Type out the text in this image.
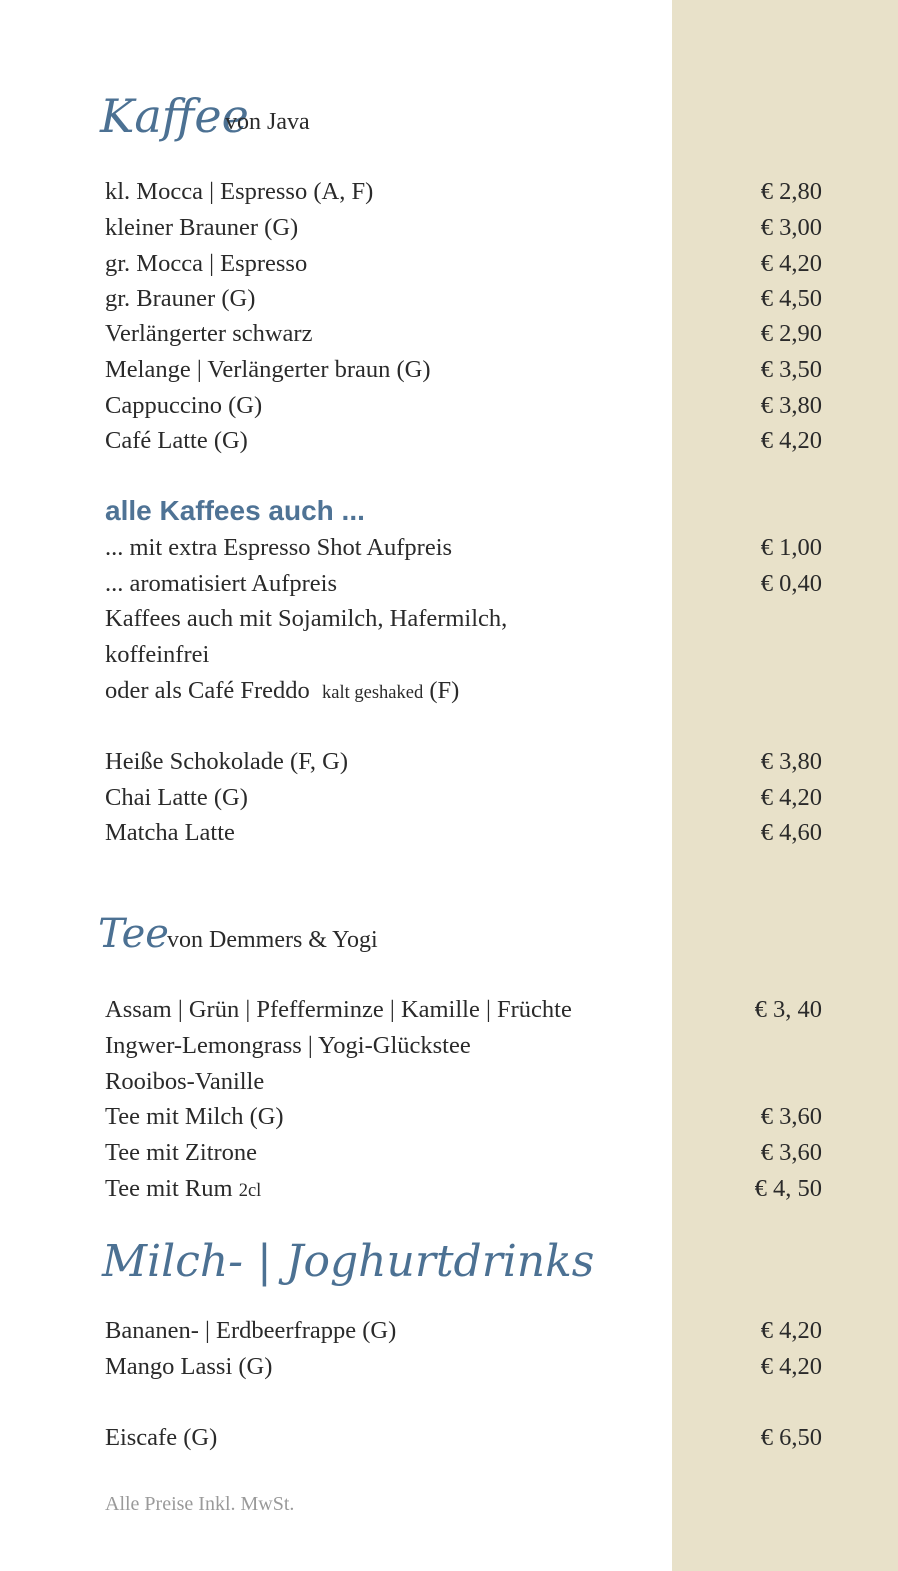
Kaffee
von Java
kl. Mocca | Espresso (A, F)	€ 2,80
kleiner Brauner (G)	€ 3,00
gr. Mocca | Espresso	€ 4,20
gr. Brauner (G)	€ 4,50
Verlängerter schwarz	€ 2,90
Melange | Verlängerter braun (G)	€ 3,50
Cappuccino (G)	€ 3,80
Café Latte (G)	€ 4,20
alle Kaffees auch ...
... mit extra Espresso Shot Aufpreis	€ 1,00
... aromatisiert Aufpreis	€ 0,40
Kaffees auch mit Sojamilch, Hafermilch,
koffeinfrei
oder als Café Freddo kalt geshaked (F)
Heiße Schokolade (F, G)	€ 3,80
Chai Latte (G)	€ 4,20
Matcha Latte	€ 4,60
Tee
von Demmers & Yogi
Assam | Grün | Pfefferminze | Kamille | Früchte	€ 3, 40
Ingwer-Lemongrass | Yogi-Glückstee
Rooibos-Vanille
Tee mit Milch (G)	€ 3,60
Tee mit Zitrone	€ 3,60
Tee mit Rum 2cl	€ 4, 50
Milch- | Joghurtdrinks
Bananen- | Erdbeerfrappe (G)	€ 4,20
Mango Lassi (G)	€ 4,20
Eiscafe (G)	€ 6,50
Alle Preise Inkl. MwSt.
